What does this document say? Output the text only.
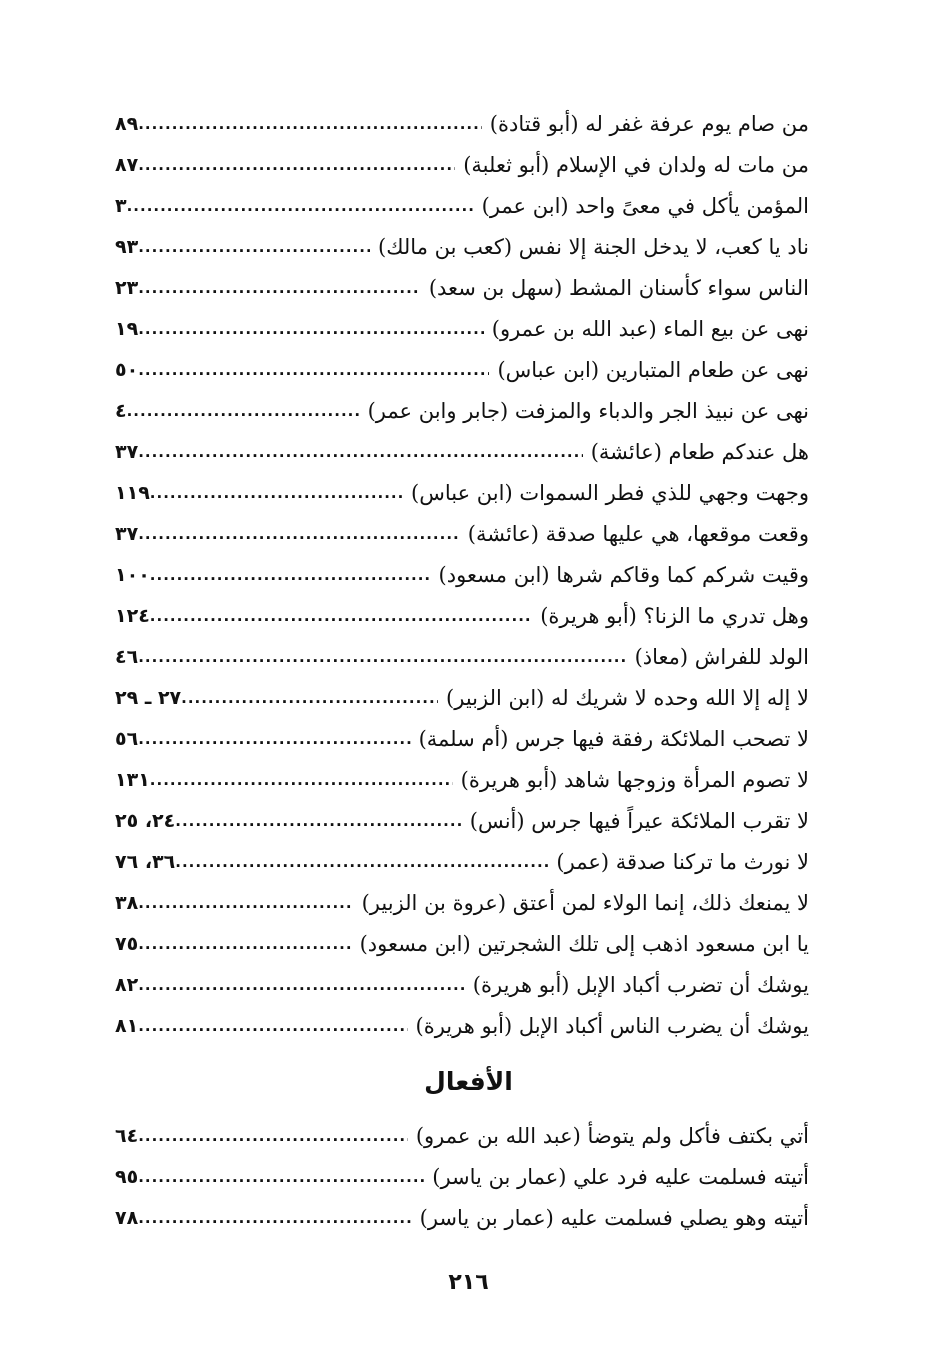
من صام يوم عرفة غفر له (أبو قتادة)
.....
٨٩
من مات له ولدان في الإسلام (أبو ثعلبة)
.....
٨٧
المؤمن يأكل في معىً واحد (ابن عمر)
.....
٣
ناد يا كعب، لا يدخل الجنة إلا نفس (كعب بن مالك)
.....
٩٣
الناس سواء كأسنان المشط (سهل بن سعد)
.....
٢٣
نهى عن بيع الماء (عبد الله بن عمرو)
.....
١٩
نهى عن طعام المتبارين (ابن عباس)
.....
٥٠
نهى عن نبيذ الجر والدباء والمزفت (جابر وابن عمر)
.....
٤
هل عندكم طعام (عائشة)
.....
٣٧
وجهت وجهي للذي فطر السموات (ابن عباس)
.....
١١٩
وقعت موقعها، هي عليها صدقة (عائشة)
.....
٣٧
وقيت شركم كما وقاكم شرها (ابن مسعود)
.....
١٠٠
وهل تدري ما الزنا؟ (أبو هريرة)
.....
١٢٤
الولد للفراش (معاذ)
.....
٤٦
لا إله إلا الله وحده لا شريك له (ابن الزبير)
.....
٢٧ ـ ٢٩
لا تصحب الملائكة رفقة فيها جرس (أم سلمة)
.....
٥٦
لا تصوم المرأة وزوجها شاهد (أبو هريرة)
.....
١٣١
لا تقرب الملائكة عيراً فيها جرس (أنس)
.....
٢٤، ٢٥
لا نورث ما تركنا صدقة (عمر)
.....
٣٦، ٧٦
لا يمنعك ذلك، إنما الولاء لمن أعتق (عروة بن الزبير)
.....
٣٨
يا ابن مسعود اذهب إلى تلك الشجرتين (ابن مسعود)
.....
٧٥
يوشك أن تضرب أكباد الإبل (أبو هريرة)
.....
٨٢
يوشك أن يضرب الناس أكباد الإبل (أبو هريرة)
.....
٨١
الأفعال
أتي بكتف فأكل ولم يتوضأ (عبد الله بن عمرو)
.....
٦٤
أتيته فسلمت عليه فرد علي (عمار بن ياسر)
.....
٩٥
أتيته وهو يصلي فسلمت عليه (عمار بن ياسر)
.....
٧٨
٢١٦
